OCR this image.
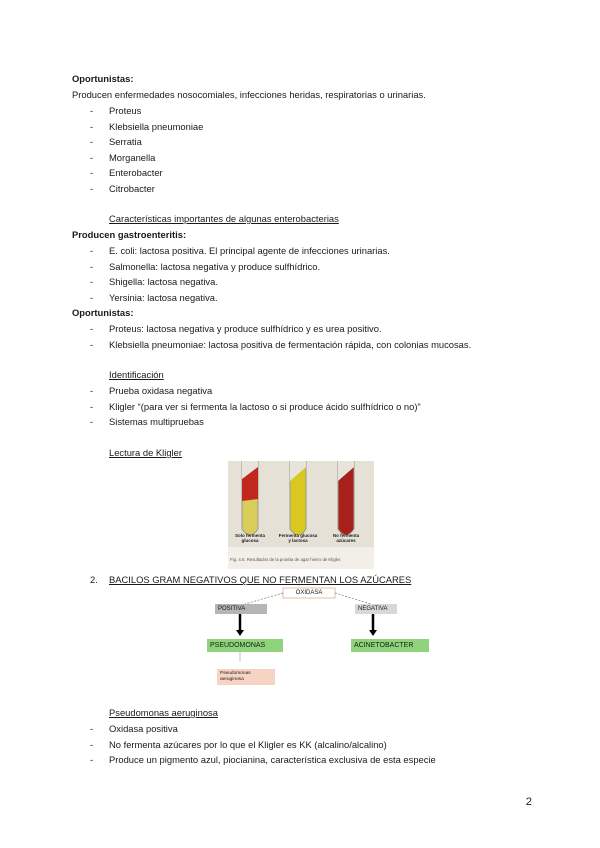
Oportunistas:
Producen enfermedades nosocomiales, infecciones heridas, respiratorias o urinarias.
- Proteus
- Klebsiella pneumoniae
- Serratia
- Morganella
- Enterobacter
- Citrobacter
Características importantes de algunas enterobacterias
Producen gastroenteritis:
- E. coli: lactosa positiva. El principal agente de infecciones urinarias.
- Salmonella: lactosa negativa y produce sulfhídrico.
- Shigella: lactosa negativa.
- Yersinia: lactosa negativa.
Oportunistas:
- Proteus: lactosa negativa y produce sulfhídrico y es urea positivo.
- Klebsiella pneumoniae: lactosa positiva de fermentación rápida, con colonias mucosas.
Identificación
- Prueba oxidasa negativa
- Kligler “(para ver si fermenta la lactoso o si produce ácido sulfhídrico o no)”
- Sistemas multipruebas
Lectura de Kligler
Solo fermenta glucosa
Fermenta glucosa y lactosa
No fermenta azúcares
Fig. 4.5. Resultados de la prueba de agar hierro de Kligler.
2. BACILOS GRAM NEGATIVOS QUE NO FERMENTAN LOS AZÚCARES
OXIDASA
POSITIVA	NEGATIVA
PSEUDOMONAS	ACINETOBACTER
Pseudomonas aeruginosa
Pseudomonas aeruginosa
- Oxidasa positiva
- No fermenta azúcares por lo que el Kligler es KK (alcalino/alcalino)
- Produce un pigmento azul, piocianina, característica exclusiva de esta especie
2
